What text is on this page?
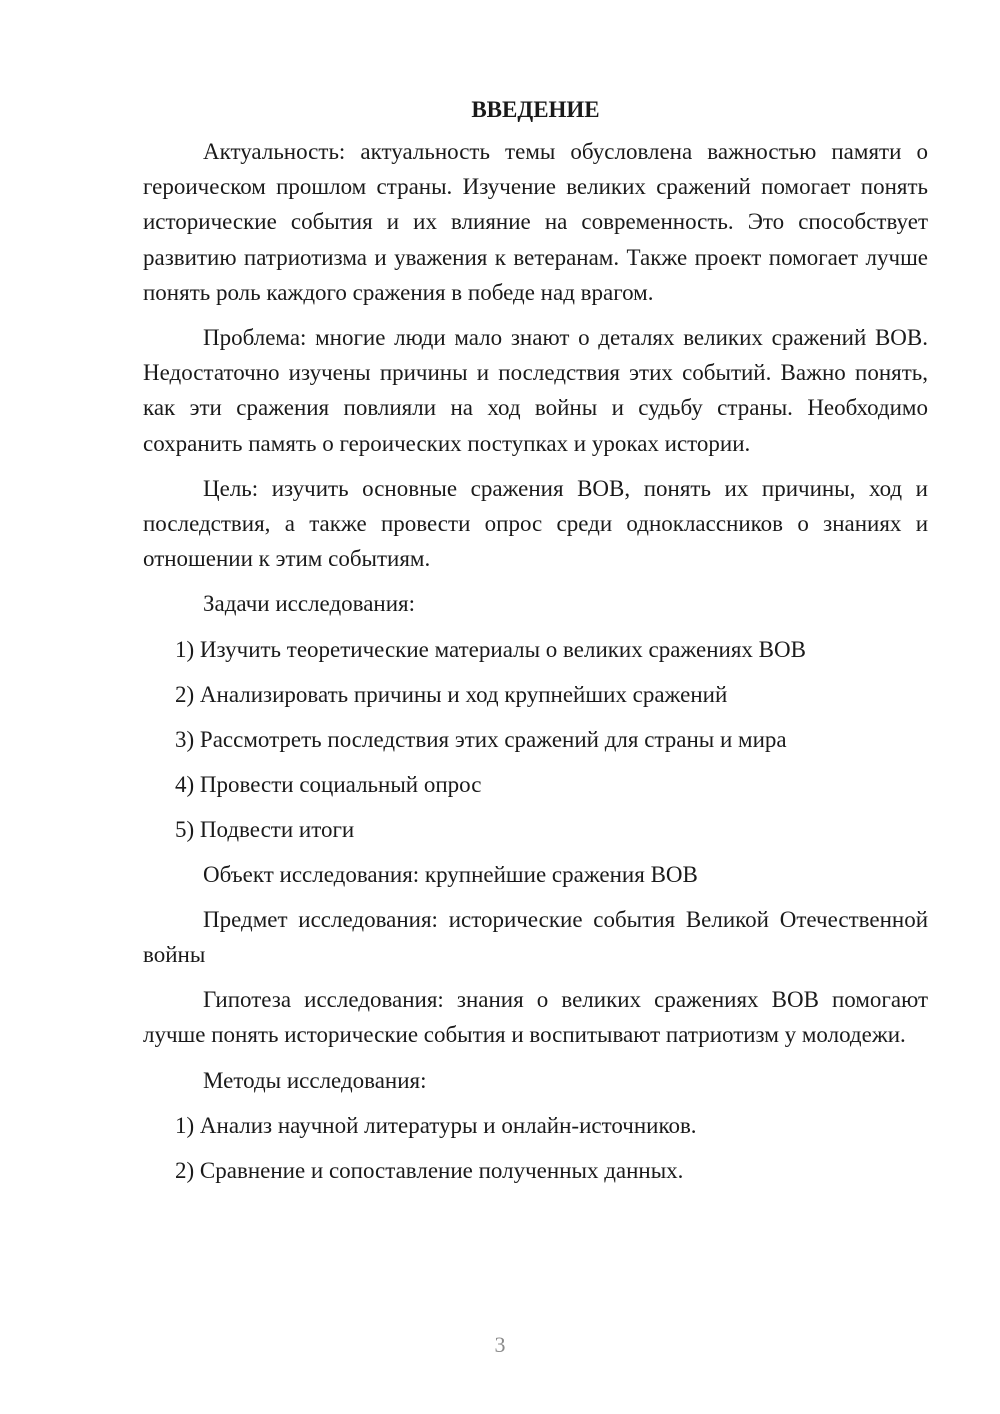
ВВЕДЕНИЕ

Актуальность: актуальность темы обусловлена важностью памяти о героическом прошлом страны. Изучение великих сражений помогает понять исторические события и их влияние на современность. Это способствует развитию патриотизма и уважения к ветеранам. Также проект помогает лучше понять роль каждого сражения в победе над врагом.

Проблема: многие люди мало знают о деталях великих сражений ВОВ. Недостаточно изучены причины и последствия этих событий. Важно понять, как эти сражения повлияли на ход войны и судьбу страны. Необходимо сохранить память о героических поступках и уроках истории.

Цель: изучить основные сражения ВОВ, понять их причины, ход и последствия, а также провести опрос среди одноклассников о знаниях и отношении к этим событиям.

Задачи исследования:

1) Изучить теоретические материалы о великих сражениях ВОВ
2) Анализировать причины и ход крупнейших сражений
3) Рассмотреть последствия этих сражений для страны и мира
4) Провести социальный опрос
5) Подвести итоги

Объект исследования: крупнейшие сражения ВОВ

Предмет исследования: исторические события Великой Отечественной войны

Гипотеза исследования: знания о великих сражениях ВОВ помогают лучше понять исторические события и воспитывают патриотизм у молодежи.

Методы исследования:

1) Анализ научной литературы и онлайн-источников.
2) Сравнение и сопоставление полученных данных.
3
